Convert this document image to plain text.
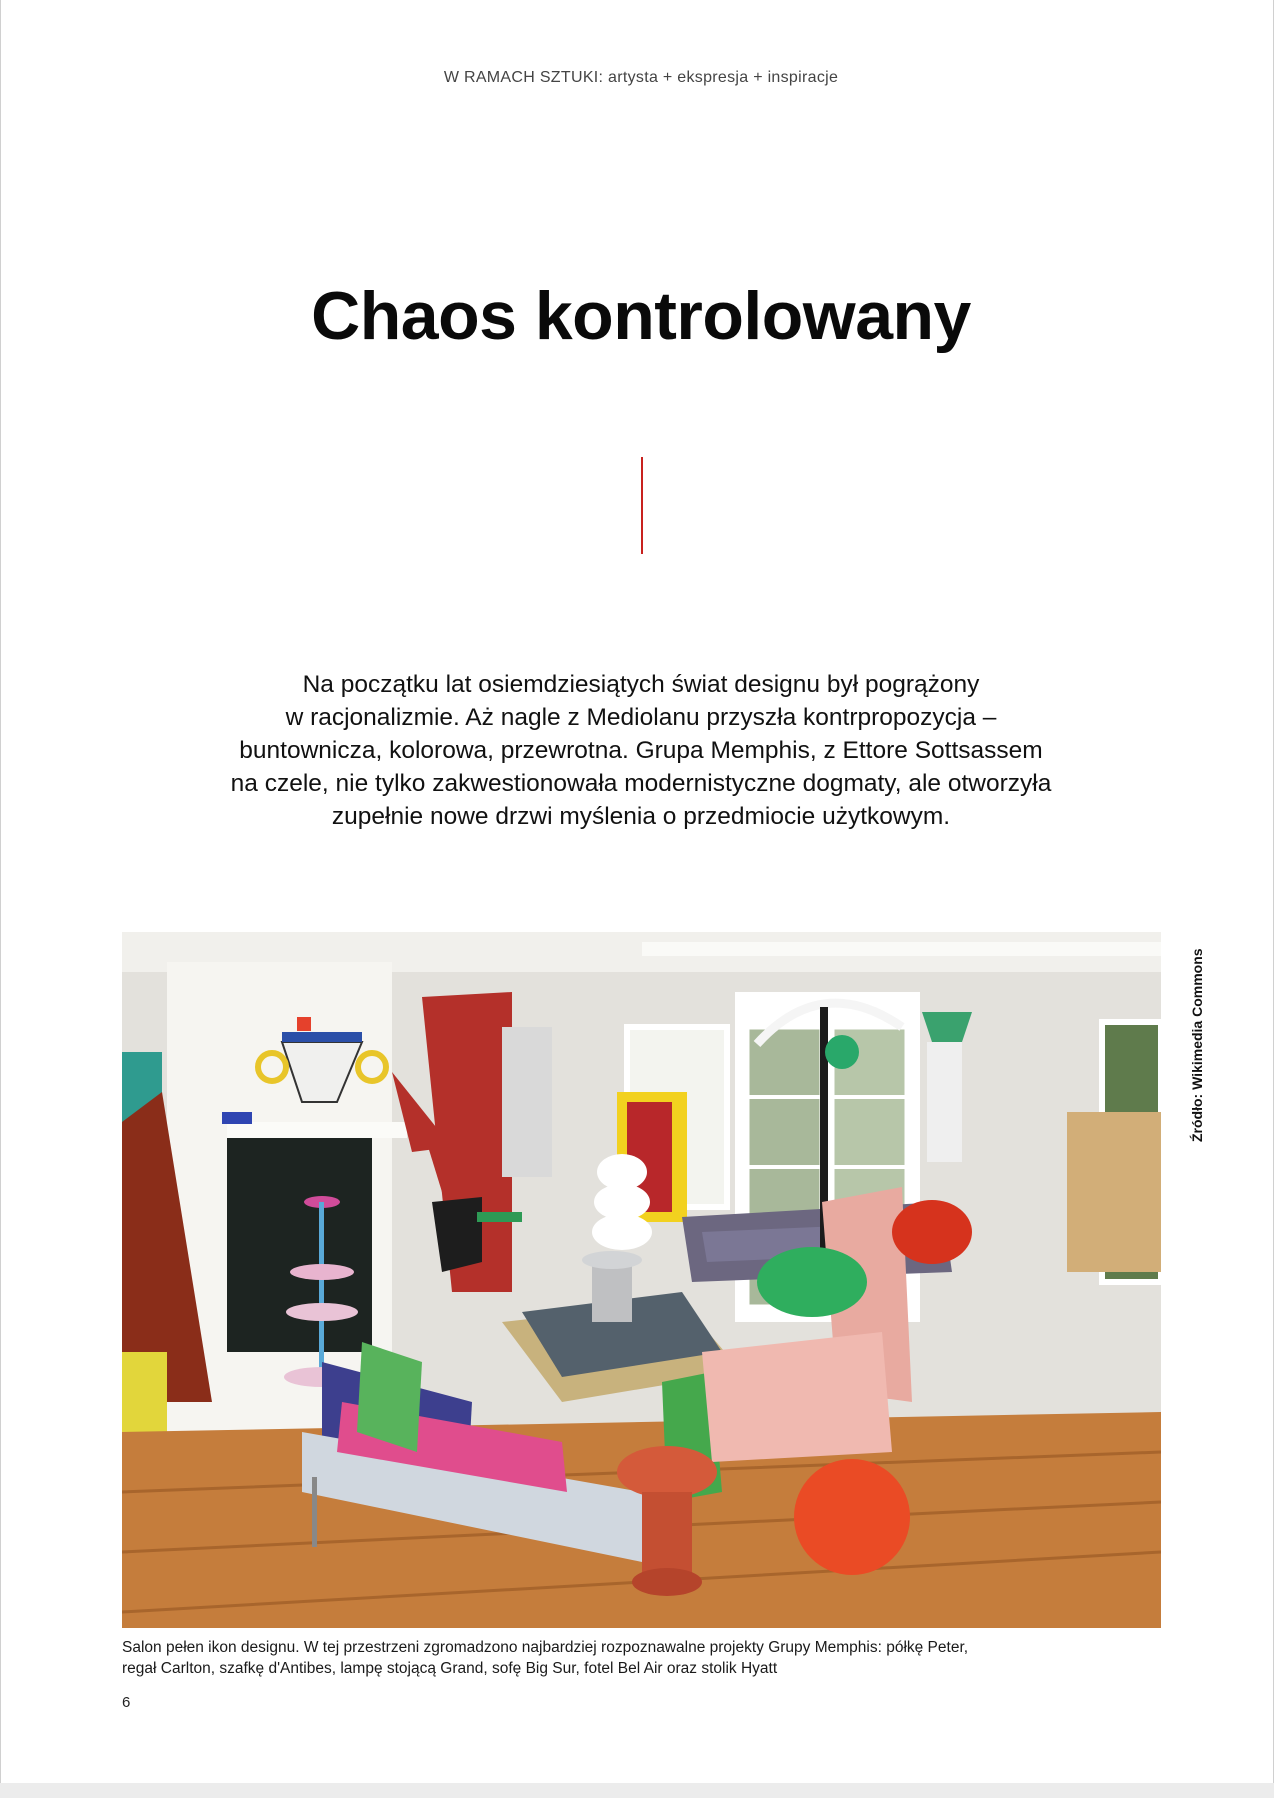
W RAMACH SZTUKI: artysta + ekspresja + inspiracje
Chaos kontrolowany

Na początku lat osiemdziesiątych świat designu był pogrążony
w racjonalizmie. Aż nagle z Mediolanu przyszła kontrpropozycja –
buntownicza, kolorowa, przewrotna. Grupa Memphis, z Ettore Sottsassem
na czele, nie tylko zakwestionowała modernistyczne dogmaty, ale otworzyła
zupełnie nowe drzwi myślenia o przedmiocie użytkowym.

Źródło: Wikimedia Commons

Salon pełen ikon designu. W tej przestrzeni zgromadzono najbardziej rozpoznawalne projekty Grupy Memphis: półkę Peter,
regał Carlton, szafkę d'Antibes, lampę stojącą Grand, sofę Big Sur, fotel Bel Air oraz stolik Hyatt

6
